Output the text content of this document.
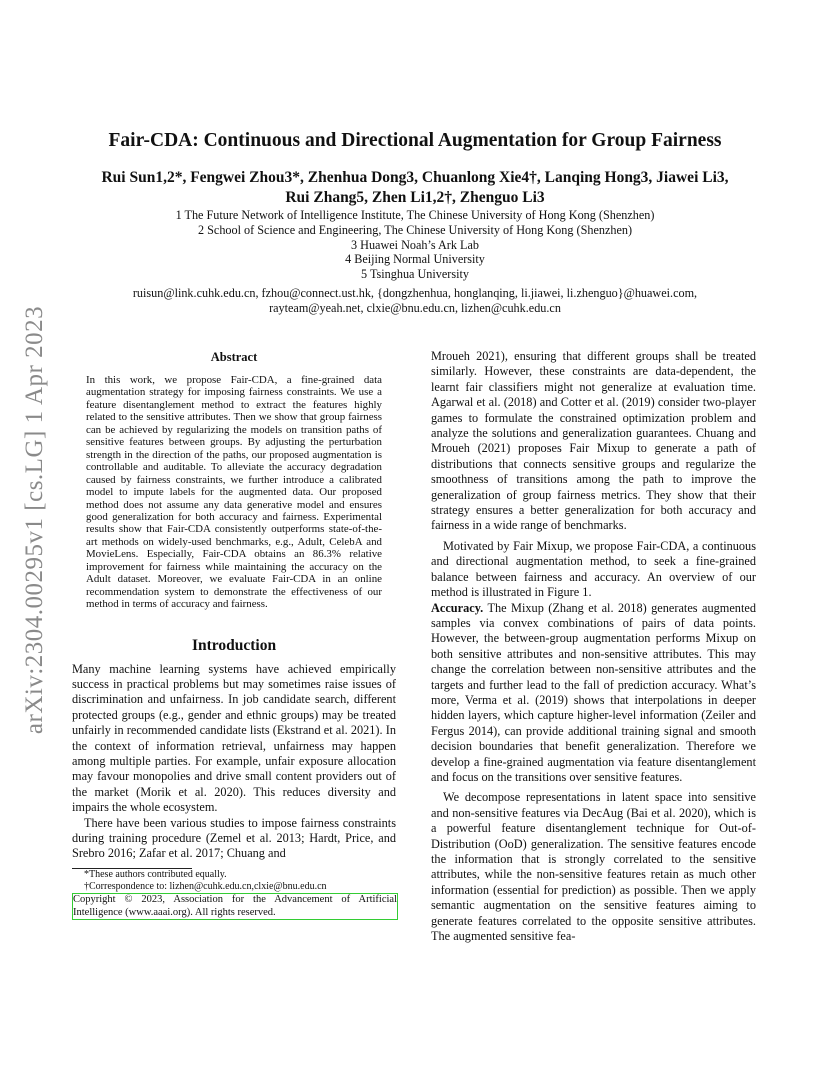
arXiv:2304.00295v1 [cs.LG] 1 Apr 2023
Fair-CDA: Continuous and Directional Augmentation for Group Fairness
Rui Sun1,2*, Fengwei Zhou3*, Zhenhua Dong3, Chuanlong Xie4†, Lanqing Hong3, Jiawei Li3,
Rui Zhang5, Zhen Li1,2†, Zhenguo Li3
1 The Future Network of Intelligence Institute, The Chinese University of Hong Kong (Shenzhen)
2 School of Science and Engineering, The Chinese University of Hong Kong (Shenzhen)
3 Huawei Noah’s Ark Lab
4 Beijing Normal University
5 Tsinghua University
ruisun@link.cuhk.edu.cn, fzhou@connect.ust.hk, {dongzhenhua, honglanqing, li.jiawei, li.zhenguo}@huawei.com,
rayteam@yeah.net, clxie@bnu.edu.cn, lizhen@cuhk.edu.cn
Abstract

In this work, we propose Fair-CDA, a fine-grained data augmentation strategy for imposing fairness constraints. We use a feature disentanglement method to extract the features highly related to the sensitive attributes. Then we show that group fairness can be achieved by regularizing the models on transition paths of sensitive features between groups. By adjusting the perturbation strength in the direction of the paths, our proposed augmentation is controllable and auditable. To alleviate the accuracy degradation caused by fairness constraints, we further introduce a calibrated model to impute labels for the augmented data. Our proposed method does not assume any data generative model and ensures good generalization for both accuracy and fairness. Experimental results show that Fair-CDA consistently outperforms state-of-the-art methods on widely-used benchmarks, e.g., Adult, CelebA and MovieLens. Especially, Fair-CDA obtains an 86.3% relative improvement for fairness while maintaining the accuracy on the Adult dataset. Moreover, we evaluate Fair-CDA in an online recommendation system to demonstrate the effectiveness of our method in terms of accuracy and fairness.

Introduction

Many machine learning systems have achieved empirically success in practical problems but may sometimes raise issues of discrimination and unfairness. In job candidate search, different protected groups (e.g., gender and ethnic groups) may be treated unfairly in recommended candidate lists (Ekstrand et al. 2021). In the context of information retrieval, unfairness may happen among multiple parties. For example, unfair exposure allocation may favour monopolies and drive small content providers out of the market (Morik et al. 2020). This reduces diversity and impairs the whole ecosystem.

There have been various studies to impose fairness constraints during training procedure (Zemel et al. 2013; Hardt, Price, and Srebro 2016; Zafar et al. 2017; Chuang and

*These authors contributed equally.
†Correspondence to: lizhen@cuhk.edu.cn,clxie@bnu.edu.cn
Copyright © 2023, Association for the Advancement of Artificial Intelligence (www.aaai.org). All rights reserved.

Mroueh 2021), ensuring that different groups shall be treated similarly. However, these constraints are data-dependent, the learnt fair classifiers might not generalize at evaluation time. Agarwal et al. (2018) and Cotter et al. (2019) consider two-player games to formulate the constrained optimization problem and analyze the solutions and generalization guarantees. Chuang and Mroueh (2021) proposes Fair Mixup to generate a path of distributions that connects sensitive groups and regularize the smoothness of transitions among the path to improve the generalization of group fairness metrics. They show that their strategy ensures a better generalization for both accuracy and fairness in a wide range of benchmarks.

Motivated by Fair Mixup, we propose Fair-CDA, a continuous and directional augmentation method, to seek a fine-grained balance between fairness and accuracy. An overview of our method is illustrated in Figure 1.

Accuracy. The Mixup (Zhang et al. 2018) generates augmented samples via convex combinations of pairs of data points. However, the between-group augmentation performs Mixup on both sensitive attributes and non-sensitive attributes. This may change the correlation between non-sensitive attributes and the targets and further lead to the fall of prediction accuracy. What’s more, Verma et al. (2019) shows that interpolations in deeper hidden layers, which capture higher-level information (Zeiler and Fergus 2014), can provide additional training signal and smooth decision boundaries that benefit generalization. Therefore we develop a fine-grained augmentation via feature disentanglement and focus on the transitions over sensitive features.

We decompose representations in latent space into sensitive and non-sensitive features via DecAug (Bai et al. 2020), which is a powerful feature disentanglement technique for Out-of-Distribution (OoD) generalization. The sensitive features encode the information that is strongly correlated to the sensitive attributes, while the non-sensitive features retain as much other information (essential for prediction) as possible. Then we apply semantic augmentation on the sensitive features aiming to generate features correlated to the opposite sensitive attributes. The augmented sensitive fea-
